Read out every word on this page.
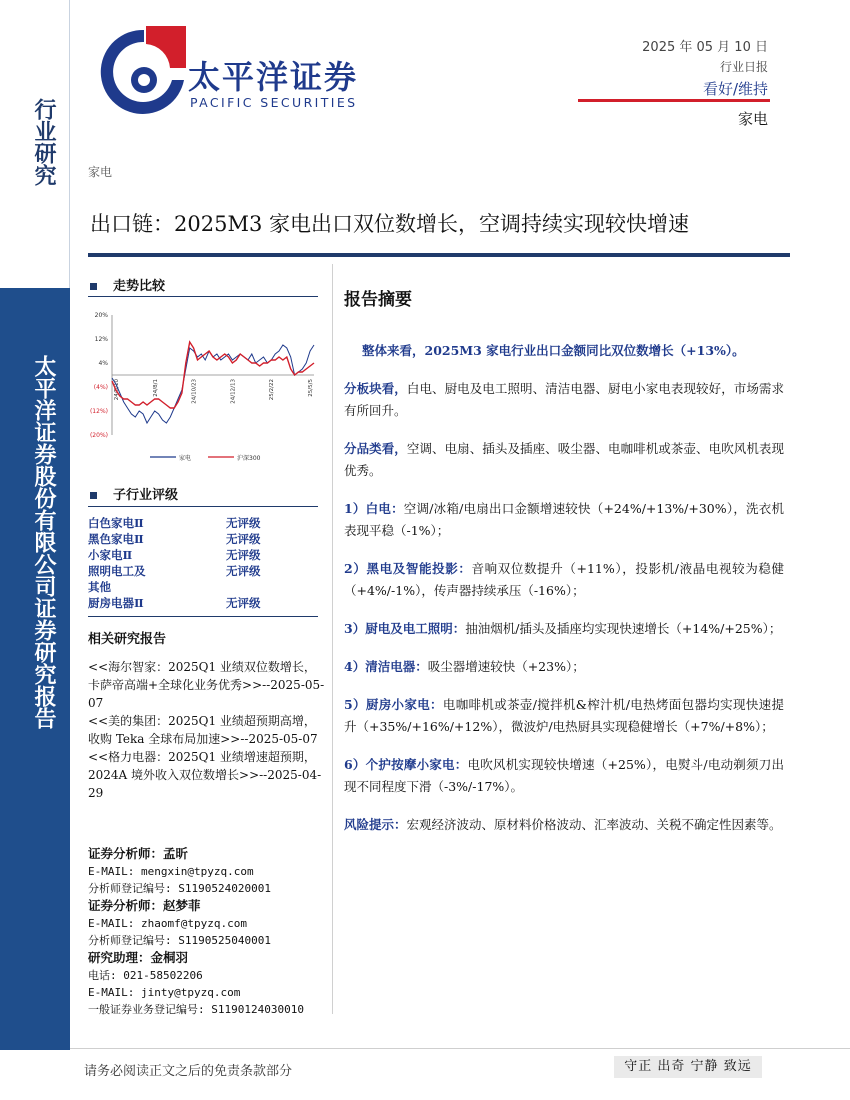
行业研究
太平洋证券股份有限公司证券研究报告
太平洋证券
PACIFIC SECURITIES
2025 年 05 月 10 日
行业日报
看好/维持
家电
家电
出口链：2025M3 家电出口双位数增长，空调持续实现较快增速
走势比较
20%
12%
4%
(4%)
(12%)
(20%)
24/5/10	24/8/1	24/10/23	24/12/13	25/2/22	25/5/5
家电	沪深300
子行业评级
白色家电Ⅱ	无评级
黑色家电Ⅱ	无评级
小家电Ⅱ	无评级
照明电工及	无评级
其他
厨房电器Ⅱ	无评级
相关研究报告
<<海尔智家：2025Q1 业绩双位数增长，卡萨帝高端+全球化业务优秀>>--2025-05-07
<<美的集团：2025Q1 业绩超预期高增，收购 Teka 全球布局加速>>--2025-05-07
<<格力电器：2025Q1 业绩增速超预期，2024A 境外收入双位数增长>>--2025-04-29
证券分析师：孟昕
E-MAIL: mengxin@tpyzq.com
分析师登记编号: S1190524020001
证券分析师：赵梦菲
E-MAIL: zhaomf@tpyzq.com
分析师登记编号: S1190525040001
研究助理：金桐羽
电话: 021-58502206
E-MAIL: jinty@tpyzq.com
一般证券业务登记编号: S1190124030010
报告摘要

整体来看，2025M3 家电行业出口金额同比双位数增长（+13%）。

分板块看，白电、厨电及电工照明、清洁电器、厨电小家电表现较好，市场需求有所回升。

分品类看，空调、电扇、插头及插座、吸尘器、电咖啡机或茶壶、电吹风机表现优秀。

1）白电：空调/冰箱/电扇出口金额增速较快（+24%/+13%/+30%），洗衣机表现平稳（-1%）；

2）黑电及智能投影：音响双位数提升（+11%），投影机/液晶电视较为稳健（+4%/-1%），传声器持续承压（-16%）；

3）厨电及电工照明：抽油烟机/插头及插座均实现快速增长（+14%/+25%）；

4）清洁电器：吸尘器增速较快（+23%）；

5）厨房小家电：电咖啡机或茶壶/搅拌机&榨汁机/电热烤面包器均实现快速提升（+35%/+16%/+12%），微波炉/电热厨具实现稳健增长（+7%/+8%）；

6）个护按摩小家电：电吹风机实现较快增速（+25%），电熨斗/电动剃须刀出现不同程度下滑（-3%/-17%）。

风险提示：宏观经济波动、原材料价格波动、汇率波动、关税不确定性因素等。

请务必阅读正文之后的免责条款部分	守正 出奇 宁静 致远
